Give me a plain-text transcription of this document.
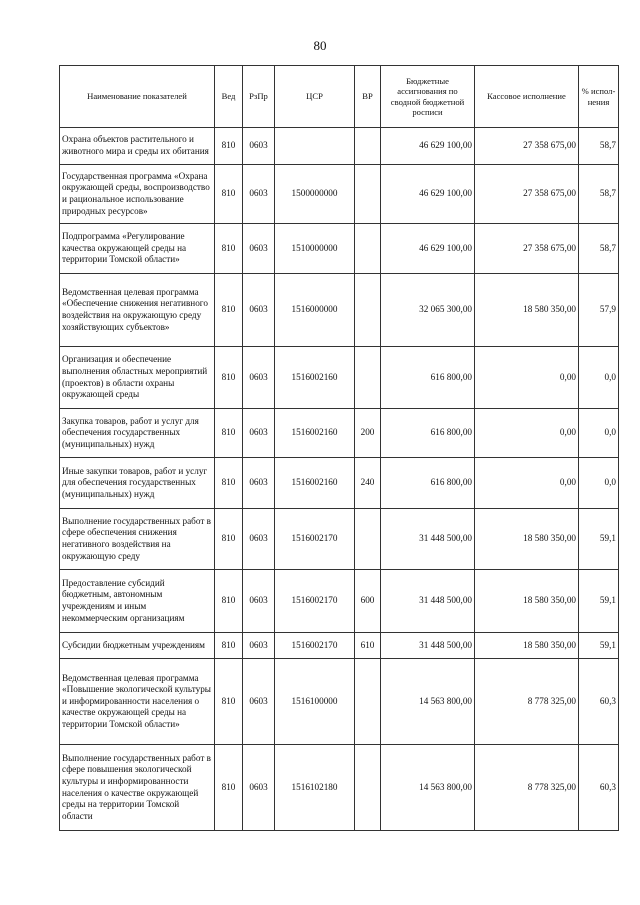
80
Наименование показателей	Вед	РзПр	ЦСР	ВР	Бюджетные ассигнования по сводной бюджетной росписи	Кассовое исполнение	% испол-нения
Охрана объектов растительного и животного мира и среды их обитания	810	0603			46 629 100,00	27 358 675,00	58,7
Государственная программа «Охрана окружающей среды, воспроизводство и рациональное использование природных ресурсов»	810	0603	1500000000		46 629 100,00	27 358 675,00	58,7
Подпрограмма «Регулирование качества окружающей среды на территории Томской области»	810	0603	1510000000		46 629 100,00	27 358 675,00	58,7
Ведомственная целевая программа «Обеспечение снижения негативного воздействия на окружающую среду хозяйствующих субъектов»	810	0603	1516000000		32 065 300,00	18 580 350,00	57,9
Организация и обеспечение выполнения областных мероприятий (проектов) в области охраны окружающей среды	810	0603	1516002160		616 800,00	0,00	0,0
Закупка товаров, работ и услуг для обеспечения государственных (муниципальных) нужд	810	0603	1516002160	200	616 800,00	0,00	0,0
Иные закупки товаров, работ и услуг для обеспечения государственных (муниципальных) нужд	810	0603	1516002160	240	616 800,00	0,00	0,0
Выполнение государственных работ в сфере обеспечения снижения негативного воздействия на окружающую среду	810	0603	1516002170		31 448 500,00	18 580 350,00	59,1
Предоставление субсидий бюджетным, автономным учреждениям и иным некоммерческим организациям	810	0603	1516002170	600	31 448 500,00	18 580 350,00	59,1
Субсидии бюджетным учреждениям	810	0603	1516002170	610	31 448 500,00	18 580 350,00	59,1
Ведомственная целевая программа «Повышение экологической культуры и информированности населения о качестве окружающей среды на территории Томской области»	810	0603	1516100000		14 563 800,00	8 778 325,00	60,3
Выполнение государственных работ в сфере повышения экологической культуры и информированности населения о качестве окружающей среды на территории Томской области	810	0603	1516102180		14 563 800,00	8 778 325,00	60,3
